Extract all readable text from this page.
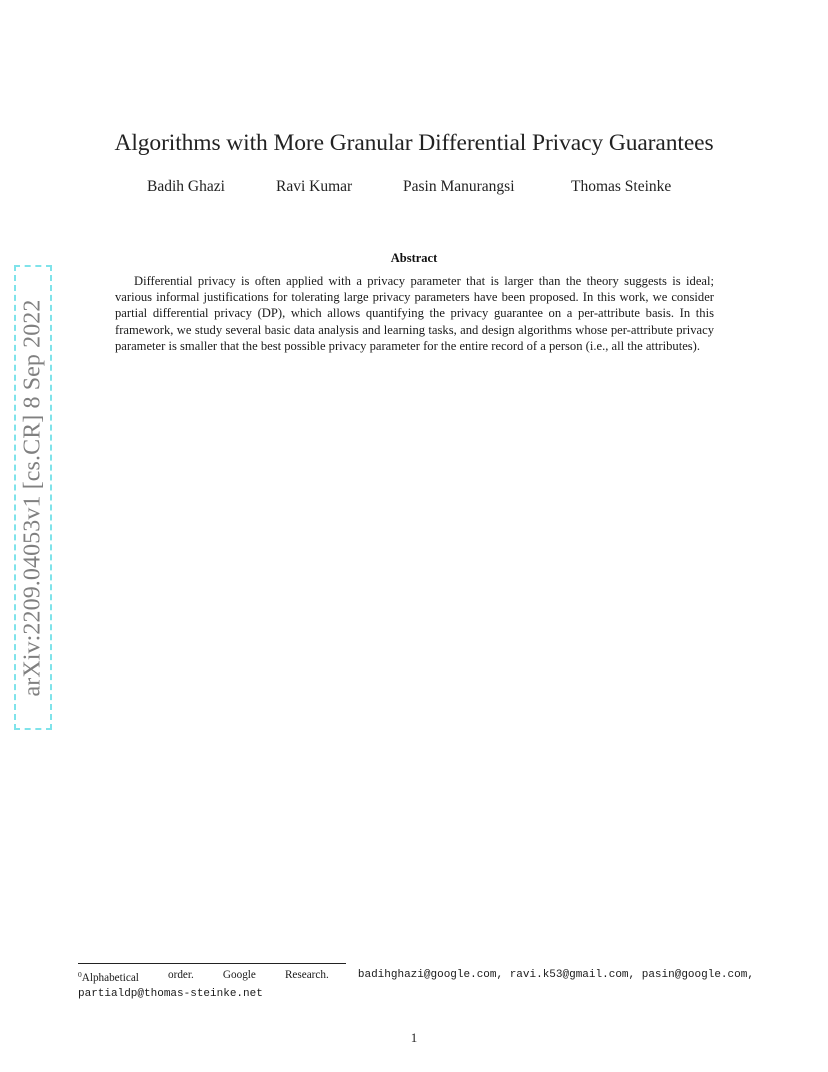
Algorithms with More Granular Differential Privacy Guarantees
Badih Ghazi	Ravi Kumar	Pasin Manurangsi	Thomas Steinke
Abstract
Differential privacy is often applied with a privacy parameter that is larger than the theory suggests is ideal; various informal justifications for tolerating large privacy parameters have been proposed. In this work, we consider partial differential privacy (DP), which allows quantifying the privacy guarantee on a per-attribute basis. In this framework, we study several basic data analysis and learning tasks, and design algorithms whose per-attribute privacy parameter is smaller that the best possible privacy parameter for the entire record of a person (i.e., all the attributes).
arXiv:2209.04053v1 [cs.CR] 8 Sep 2022
$^0$Alphabetical	order.	Google	Research.	badihghazi@google.com, ravi.k53@gmail.com, pasin@google.com,
partialdp@thomas-steinke.net
1
